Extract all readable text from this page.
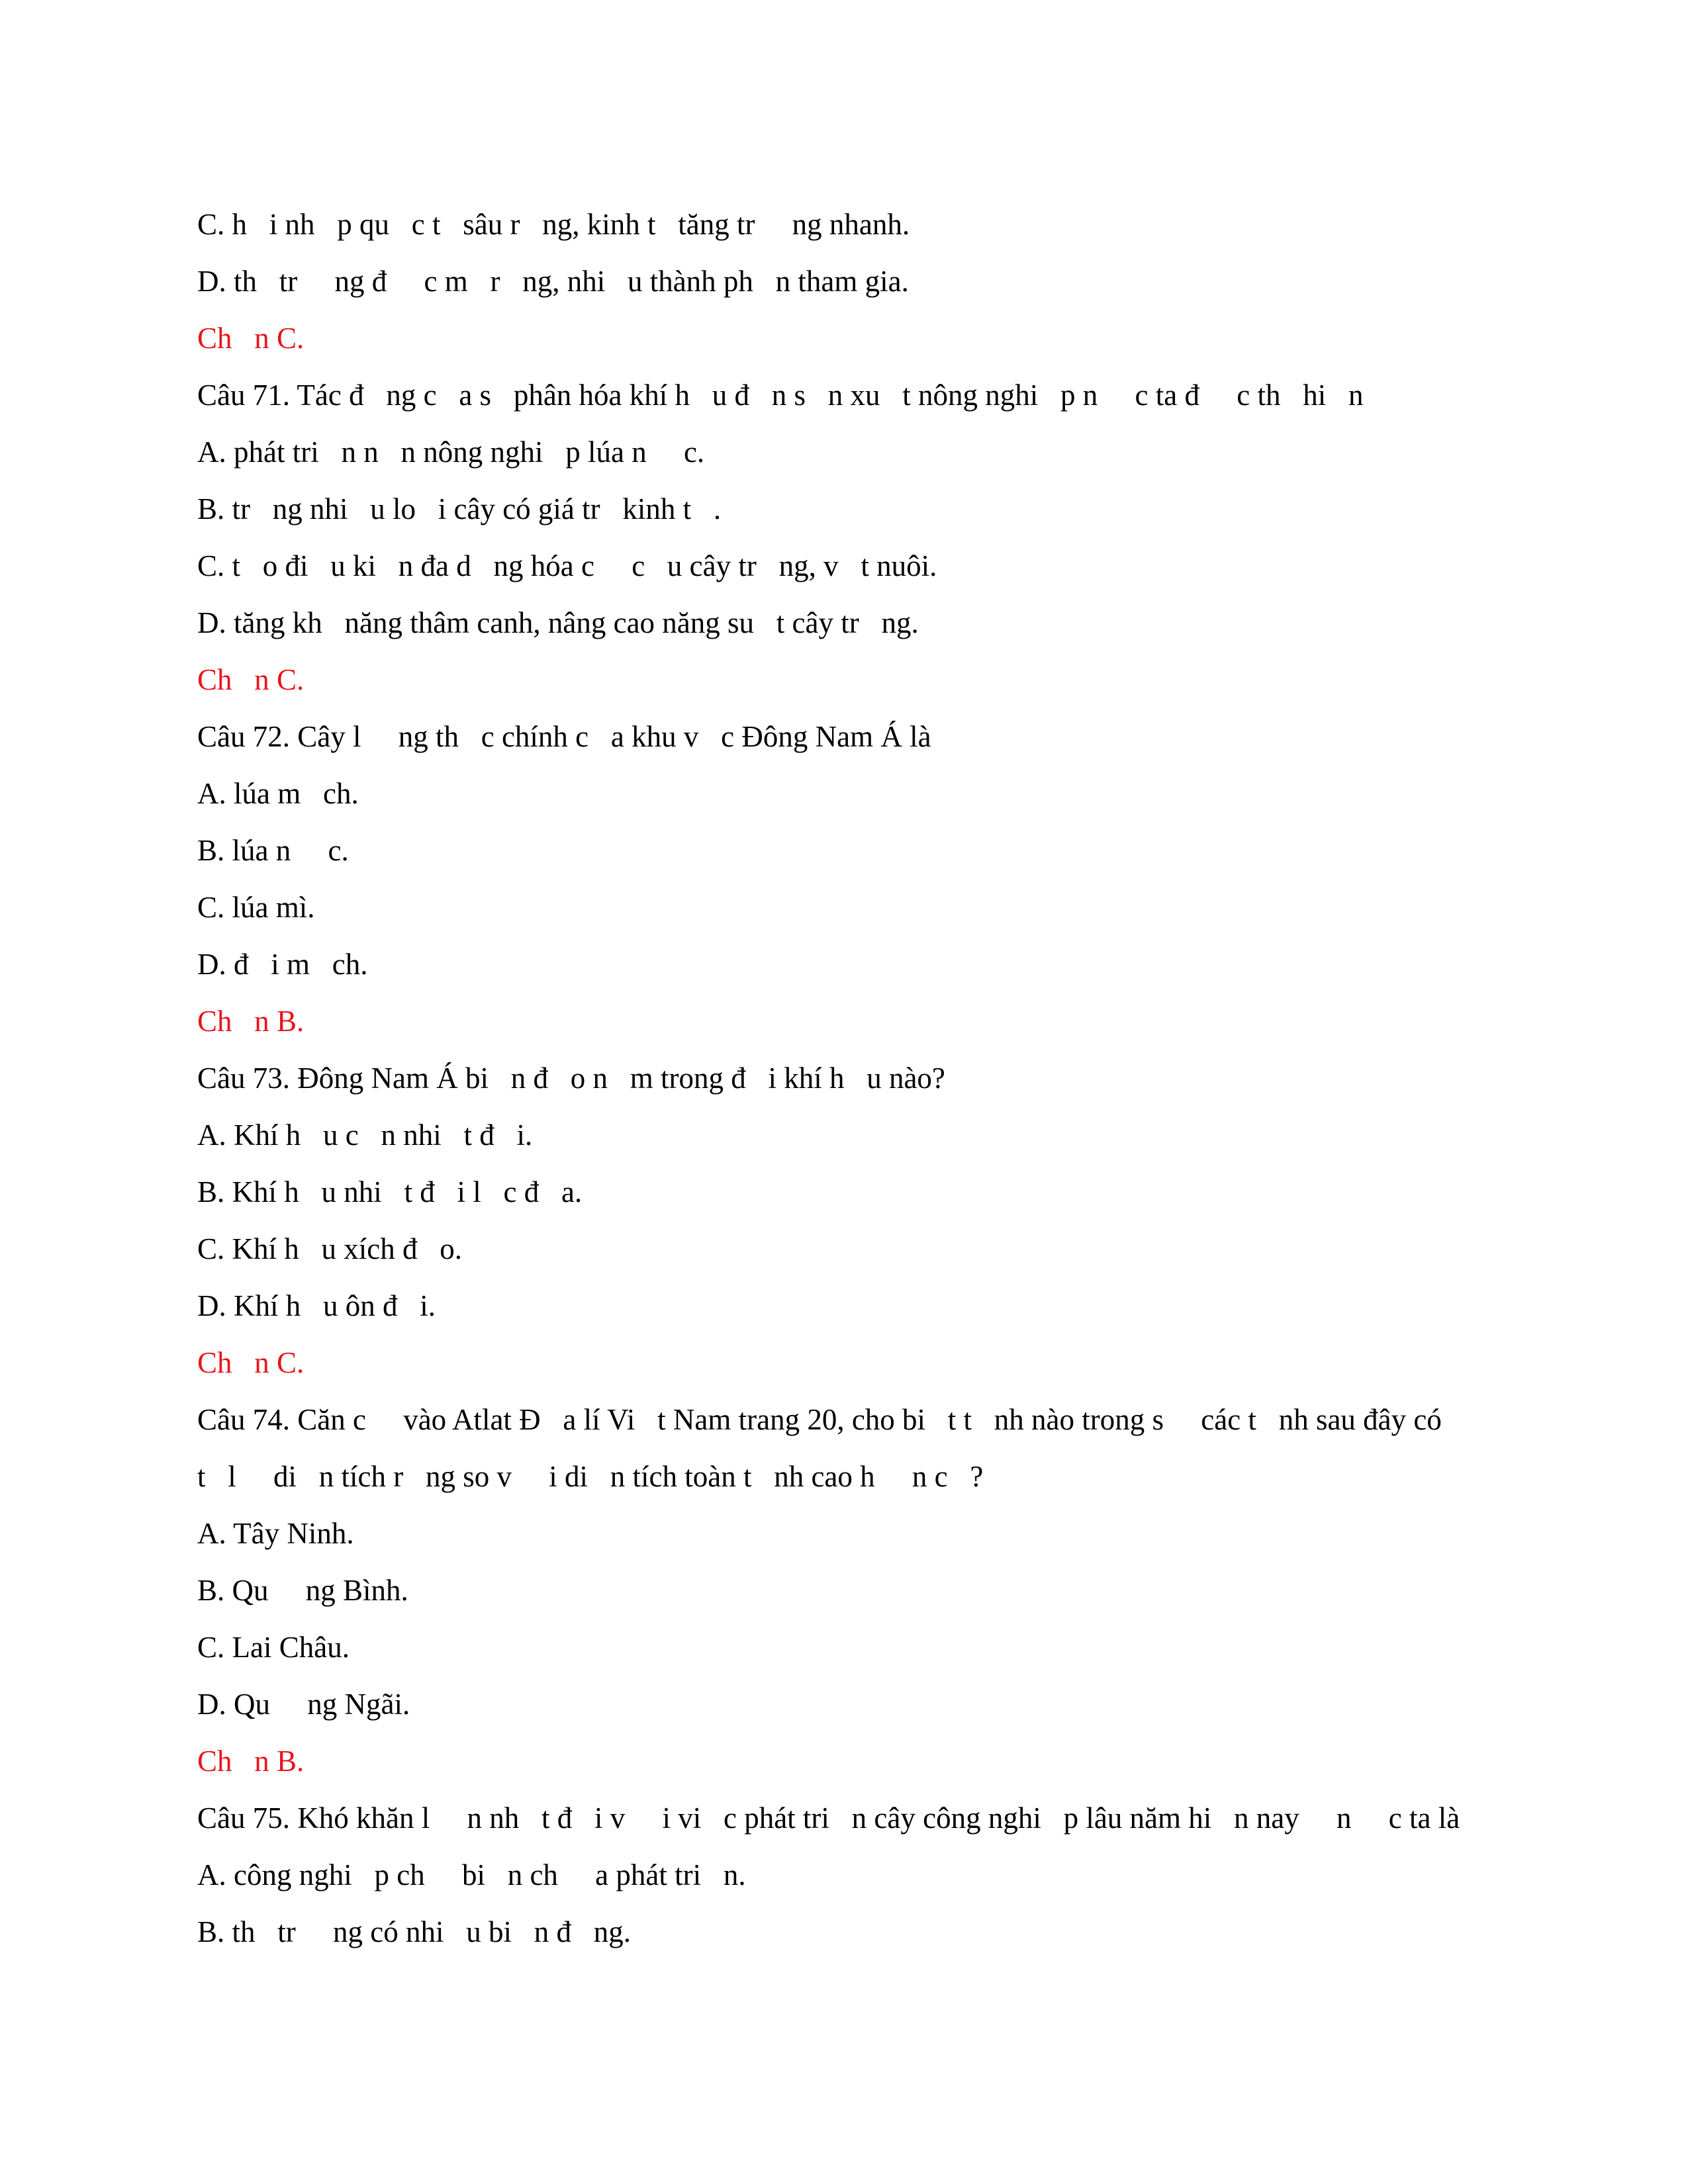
C. h   i nh   p qu   c t   sâu r   ng, kinh t   tăng tr     ng nhanh.
D. th   tr     ng đ     c m   r   ng, nhi   u thành ph   n tham gia.
Ch   n C.
Câu 71. Tác đ   ng c   a s   phân hóa khí h   u đ   n s   n xu   t nông nghi   p n     c ta đ     c th   hi   n
A. phát tri   n n   n nông nghi   p lúa n     c.
B. tr   ng nhi   u lo   i cây có giá tr   kinh t   .
C. t   o đi   u ki   n đa d   ng hóa c     c   u cây tr   ng, v   t nuôi.
D. tăng kh   năng thâm canh, nâng cao năng su   t cây tr   ng.
Ch   n C.
Câu 72. Cây l     ng th   c chính c   a khu v   c Đông Nam Á là
A. lúa m   ch.
B. lúa n     c.
C. lúa mì.
D. đ   i m   ch.
Ch   n B.
Câu 73. Đông Nam Á bi   n đ   o n   m trong đ   i khí h   u nào?
A. Khí h   u c   n nhi   t đ   i.
B. Khí h   u nhi   t đ   i l   c đ   a.
C. Khí h   u xích đ   o.
D. Khí h   u ôn đ   i.
Ch   n C.
Câu 74. Căn c     vào Atlat Đ   a lí Vi   t Nam trang 20, cho bi   t t   nh nào trong s     các t   nh sau đây có
t   l     di   n tích r   ng so v     i di   n tích toàn t   nh cao h     n c   ?
A. Tây Ninh.
B. Qu     ng Bình.
C. Lai Châu.
D. Qu     ng Ngãi.
Ch   n B.
Câu 75. Khó khăn l     n nh   t đ   i v     i vi   c phát tri   n cây công nghi   p lâu năm hi   n nay     n     c ta là
A. công nghi   p ch     bi   n ch     a phát tri   n.
B. th   tr     ng có nhi   u bi   n đ   ng.
